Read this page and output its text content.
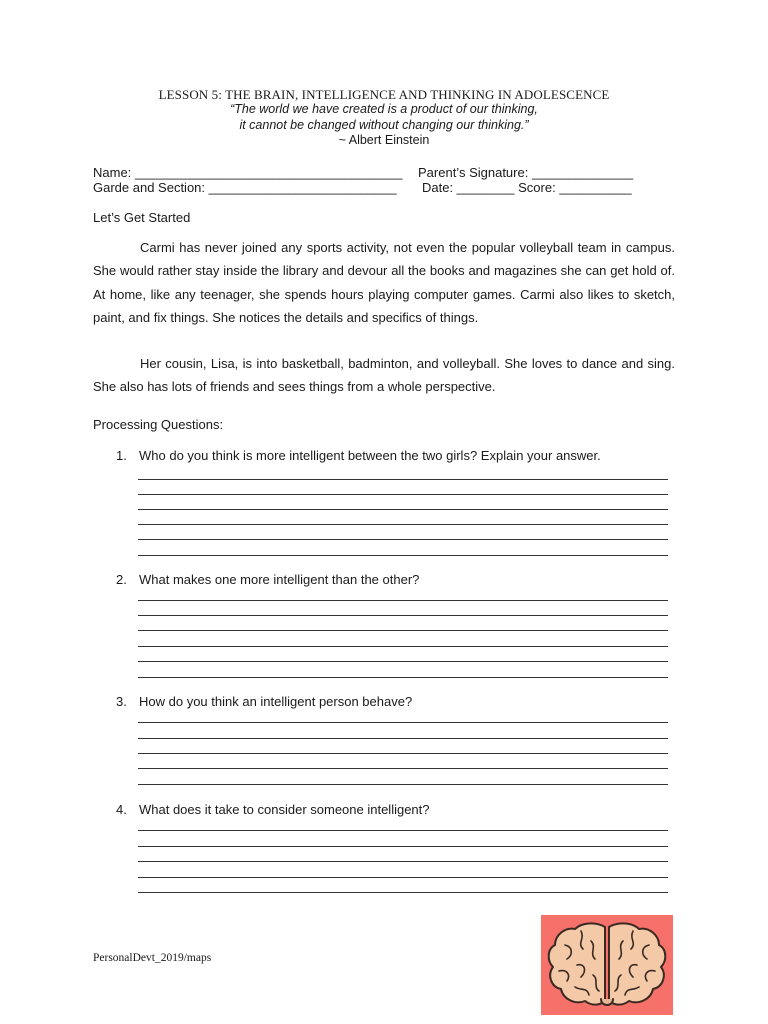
LESSON 5: THE BRAIN, INTELLIGENCE AND THINKING IN ADOLESCENCE
“The world we have created is a product of our thinking,
it cannot be changed without changing our thinking.”
~ Albert Einstein
Name: _____________________________________ Parent’s Signature: ______________
Garde and Section: __________________________ Date: ________ Score: __________
Let’s Get Started
Carmi has never joined any sports activity, not even the popular volleyball team in campus. She would rather stay inside the library and devour all the books and magazines she can get hold of. At home, like any teenager, she spends hours playing computer games. Carmi also likes to sketch, paint, and fix things. She notices the details and specifics of things.
Her cousin, Lisa, is into basketball, badminton, and volleyball. She loves to dance and sing. She also has lots of friends and sees things from a whole perspective.
Processing Questions:
1. Who do you think is more intelligent between the two girls? Explain your answer.
2. What makes one more intelligent than the other?
3. How do you think an intelligent person behave?
4. What does it take to consider someone intelligent?
PersonalDevt_2019/maps
